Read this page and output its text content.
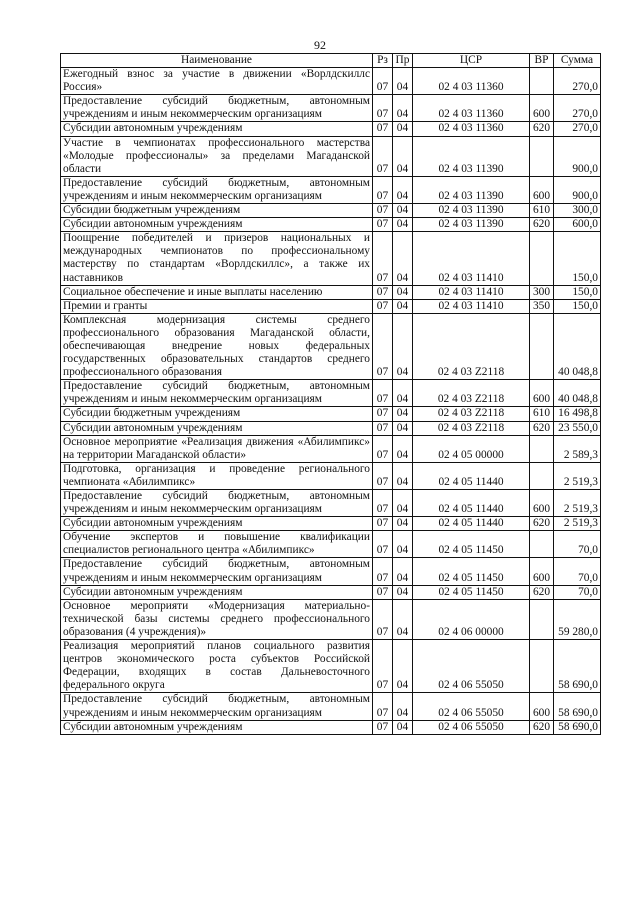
92
Наименование	Рз	Пр	ЦСР	ВР	Сумма
Ежегодный взнос за участие в движении «Ворлдскиллс Россия»	07	04	02 4 03 11360		270,0
Предоставление субсидий бюджетным, автономным учреждениям и иным некоммерческим организациям	07	04	02 4 03 11360	600	270,0
Субсидии автономным учреждениям	07	04	02 4 03 11360	620	270,0
Участие в чемпионатах профессионального мастерства «Молодые профессионалы» за пределами Магаданской области	07	04	02 4 03 11390		900,0
Предоставление субсидий бюджетным, автономным учреждениям и иным некоммерческим организациям	07	04	02 4 03 11390	600	900,0
Субсидии бюджетным учреждениям	07	04	02 4 03 11390	610	300,0
Субсидии автономным учреждениям	07	04	02 4 03 11390	620	600,0
Поощрение победителей и призеров национальных и международных чемпионатов по профессиональному мастерству по стандартам «Ворлдскиллс», а также их наставников	07	04	02 4 03 11410		150,0
Социальное обеспечение и иные выплаты населению	07	04	02 4 03 11410	300	150,0
Премии и гранты	07	04	02 4 03 11410	350	150,0
Комплексная модернизация системы среднего профессионального образования Магаданской области, обеспечивающая внедрение новых федеральных государственных образовательных стандартов среднего профессионального образования	07	04	02 4 03 Z2118		40 048,8
Предоставление субсидий бюджетным, автономным учреждениям и иным некоммерческим организациям	07	04	02 4 03 Z2118	600	40 048,8
Субсидии бюджетным учреждениям	07	04	02 4 03 Z2118	610	16 498,8
Субсидии автономным учреждениям	07	04	02 4 03 Z2118	620	23 550,0
Основное мероприятие «Реализация движения «Абилимпикс» на территории Магаданской области»	07	04	02 4 05 00000		2 589,3
Подготовка, организация и проведение регионального чемпионата «Абилимпикс»	07	04	02 4 05 11440		2 519,3
Предоставление субсидий бюджетным, автономным учреждениям и иным некоммерческим организациям	07	04	02 4 05 11440	600	2 519,3
Субсидии автономным учреждениям	07	04	02 4 05 11440	620	2 519,3
Обучение экспертов и повышение квалификации специалистов регионального центра «Абилимпикс»	07	04	02 4 05 11450		70,0
Предоставление субсидий бюджетным, автономным учреждениям и иным некоммерческим организациям	07	04	02 4 05 11450	600	70,0
Субсидии автономным учреждениям	07	04	02 4 05 11450	620	70,0
Основное мероприяти «Модернизация материально-технической базы системы среднего профессионального образования (4 учреждения)»	07	04	02 4 06 00000		59 280,0
Реализация мероприятий планов социального развития центров экономического роста субъектов Российской Федерации, входящих в состав Дальневосточного федерального округа	07	04	02 4 06 55050		58 690,0
Предоставление субсидий бюджетным, автономным учреждениям и иным некоммерческим организациям	07	04	02 4 06 55050	600	58 690,0
Субсидии автономным учреждениям	07	04	02 4 06 55050	620	58 690,0
